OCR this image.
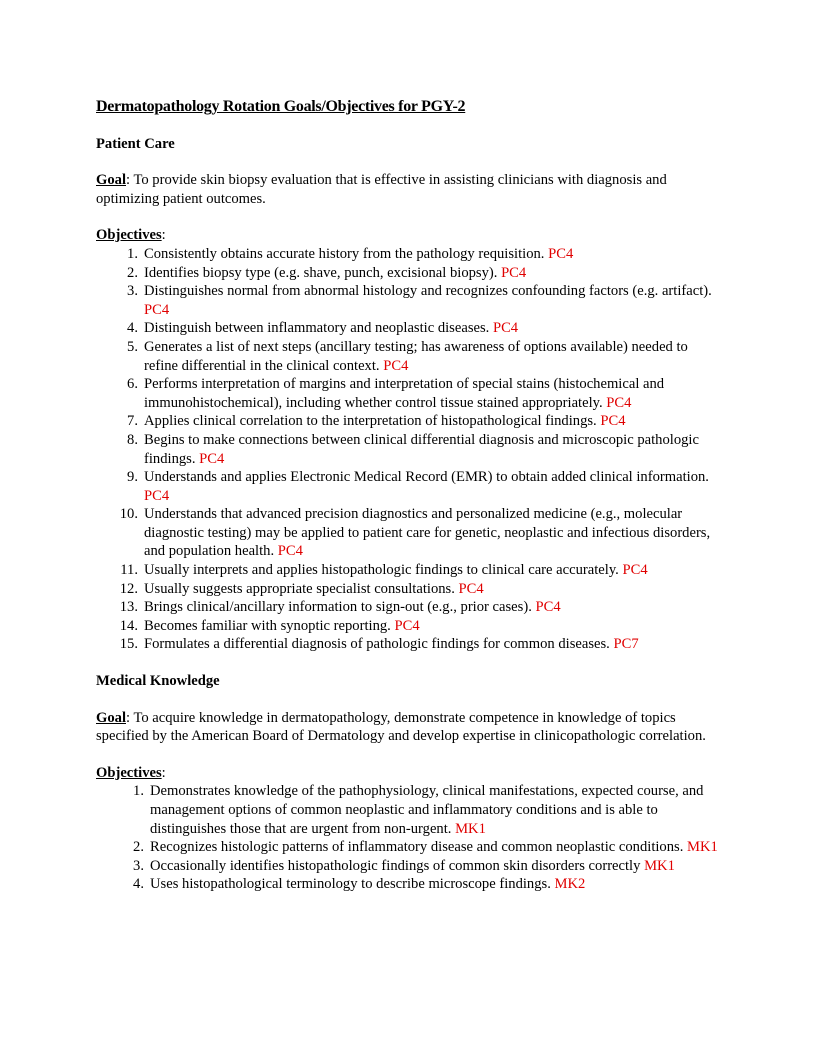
Dermatopathology Rotation Goals/Objectives for PGY-2
Patient Care
Goal: To provide skin biopsy evaluation that is effective in assisting clinicians with diagnosis and optimizing patient outcomes.
Objectives:
1. Consistently obtains accurate history from the pathology requisition. PC4
2. Identifies biopsy type (e.g. shave, punch, excisional biopsy). PC4
3. Distinguishes normal from abnormal histology and recognizes confounding factors (e.g. artifact). PC4
4. Distinguish between inflammatory and neoplastic diseases. PC4
5. Generates a list of next steps (ancillary testing; has awareness of options available) needed to refine differential in the clinical context. PC4
6. Performs interpretation of margins and interpretation of special stains (histochemical and immunohistochemical), including whether control tissue stained appropriately. PC4
7. Applies clinical correlation to the interpretation of histopathological findings. PC4
8. Begins to make connections between clinical differential diagnosis and microscopic pathologic findings. PC4
9. Understands and applies Electronic Medical Record (EMR) to obtain added clinical information. PC4
10. Understands that advanced precision diagnostics and personalized medicine (e.g., molecular diagnostic testing) may be applied to patient care for genetic, neoplastic and infectious disorders, and population health. PC4
11. Usually interprets and applies histopathologic findings to clinical care accurately. PC4
12. Usually suggests appropriate specialist consultations. PC4
13. Brings clinical/ancillary information to sign-out (e.g., prior cases). PC4
14. Becomes familiar with synoptic reporting. PC4
15. Formulates a differential diagnosis of pathologic findings for common diseases. PC7
Medical Knowledge
Goal: To acquire knowledge in dermatopathology, demonstrate competence in knowledge of topics specified by the American Board of Dermatology and develop expertise in clinicopathologic correlation.
Objectives:
1. Demonstrates knowledge of the pathophysiology, clinical manifestations, expected course, and management options of common neoplastic and inflammatory conditions and is able to distinguishes those that are urgent from non-urgent. MK1
2. Recognizes histologic patterns of inflammatory disease and common neoplastic conditions. MK1
3. Occasionally identifies histopathologic findings of common skin disorders correctly MK1
4. Uses histopathological terminology to describe microscope findings. MK2
